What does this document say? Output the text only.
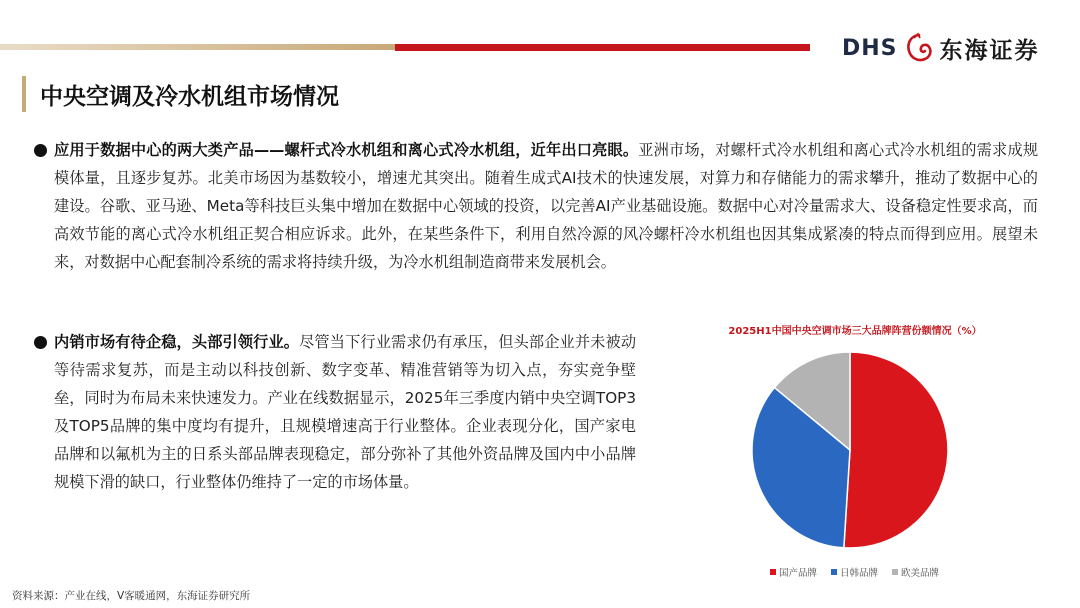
DHS 东海证券
中央空调及冷水机组市场情况
应用于数据中心的两大类产品——螺杆式冷水机组和离心式冷水机组，近年出口亮眼。亚洲市场，对螺杆式冷水机组和离心式冷水机组的需求成规模体量，且逐步复苏。北美市场因为基数较小，增速尤其突出。随着生成式AI技术的快速发展，对算力和存储能力的需求攀升，推动了数据中心的建设。谷歌、亚马逊、Meta等科技巨头集中增加在数据中心领域的投资，以完善AI产业基础设施。数据中心对冷量需求大、设备稳定性要求高，而高效节能的离心式冷水机组正契合相应诉求。此外，在某些条件下，利用自然冷源的风冷螺杆冷水机组也因其集成紧凑的特点而得到应用。展望未来，对数据中心配套制冷系统的需求将持续升级，为冷水机组制造商带来发展机会。
内销市场有待企稳，头部引领行业。尽管当下行业需求仍有承压，但头部企业并未被动等待需求复苏，而是主动以科技创新、数字变革、精准营销等为切入点，夯实竞争壁垒，同时为布局未来快速发力。产业在线数据显示，2025年三季度内销中央空调TOP3及TOP5品牌的集中度均有提升，且规模增速高于行业整体。企业表现分化，国产家电品牌和以氟机为主的日系头部品牌表现稳定，部分弥补了其他外资品牌及国内中小品牌规模下滑的缺口，行业整体仍维持了一定的市场体量。
2025H1中国中央空调市场三大品牌阵营份额情况（%）
国产品牌 日韩品牌 欧美品牌
资料来源：产业在线，V客暖通网，东海证券研究所
